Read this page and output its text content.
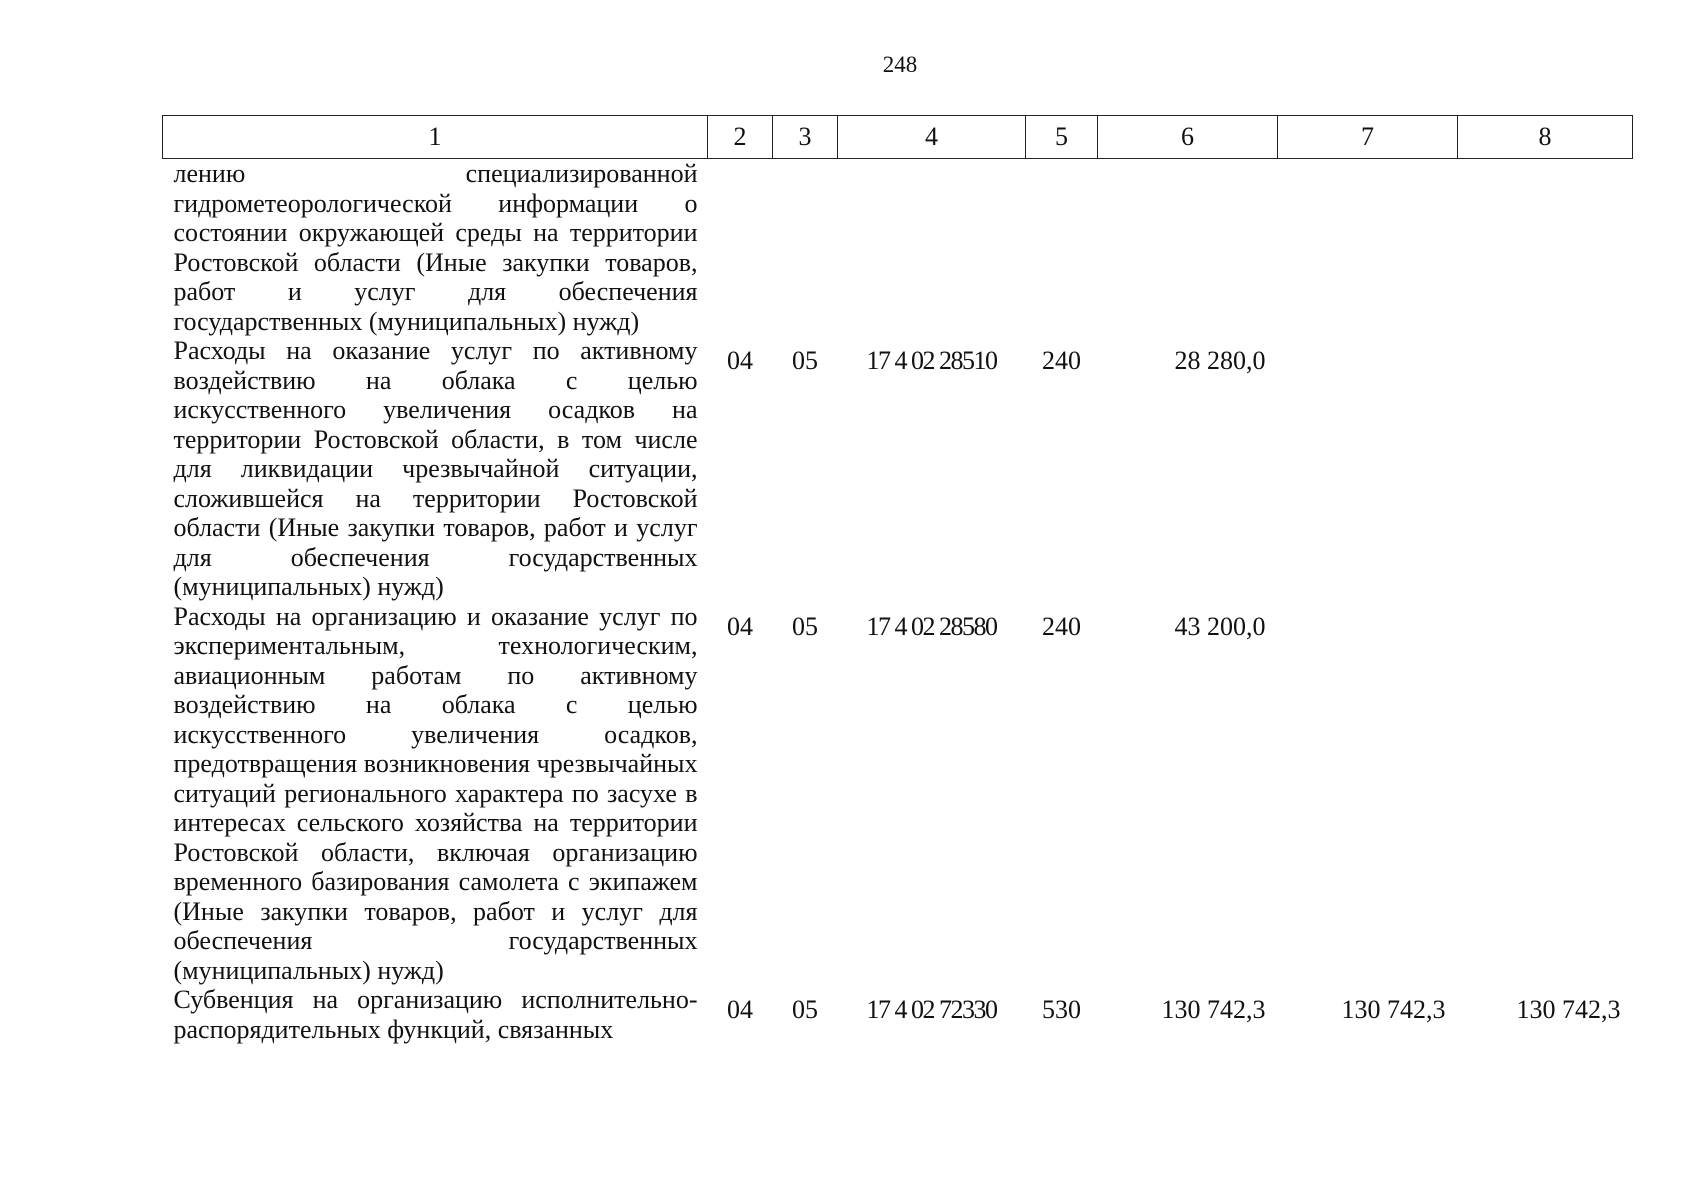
248
1	2	3	4	5	6	7	8
лению специализированной гидрометеорологической информации о состоянии окружающей среды на территории Ростовской области (Иные закупки товаров, работ и услуг для обеспечения государственных (муниципальных) нужд)							
Расходы на оказание услуг по активному воздействию на облака с целью искусственного увеличения осадков на территории Ростовской области, в том числе для ликвидации чрезвычайной ситуации, сложившейся на территории Ростовской области (Иные закупки товаров, работ и услуг для обеспечения государственных (муниципальных) нужд)	04	05	17 4 02 28510	240	28 280,0		
Расходы на организацию и оказание услуг по экспериментальным, технологическим, авиационным работам по активному воздействию на облака с целью искусственного увеличения осадков, предотвращения возникновения чрезвычайных ситуаций регионального характера по засухе в интересах сельского хозяйства на территории Ростовской области, включая организацию временного базирования самолета с экипажем (Иные закупки товаров, работ и услуг для обеспечения государственных (муниципальных) нужд)	04	05	17 4 02 28580	240	43 200,0		
Субвенция на организацию исполнительно-распорядительных функций, связанных	04	05	17 4 02 72330	530	130 742,3	130 742,3	130 742,3
